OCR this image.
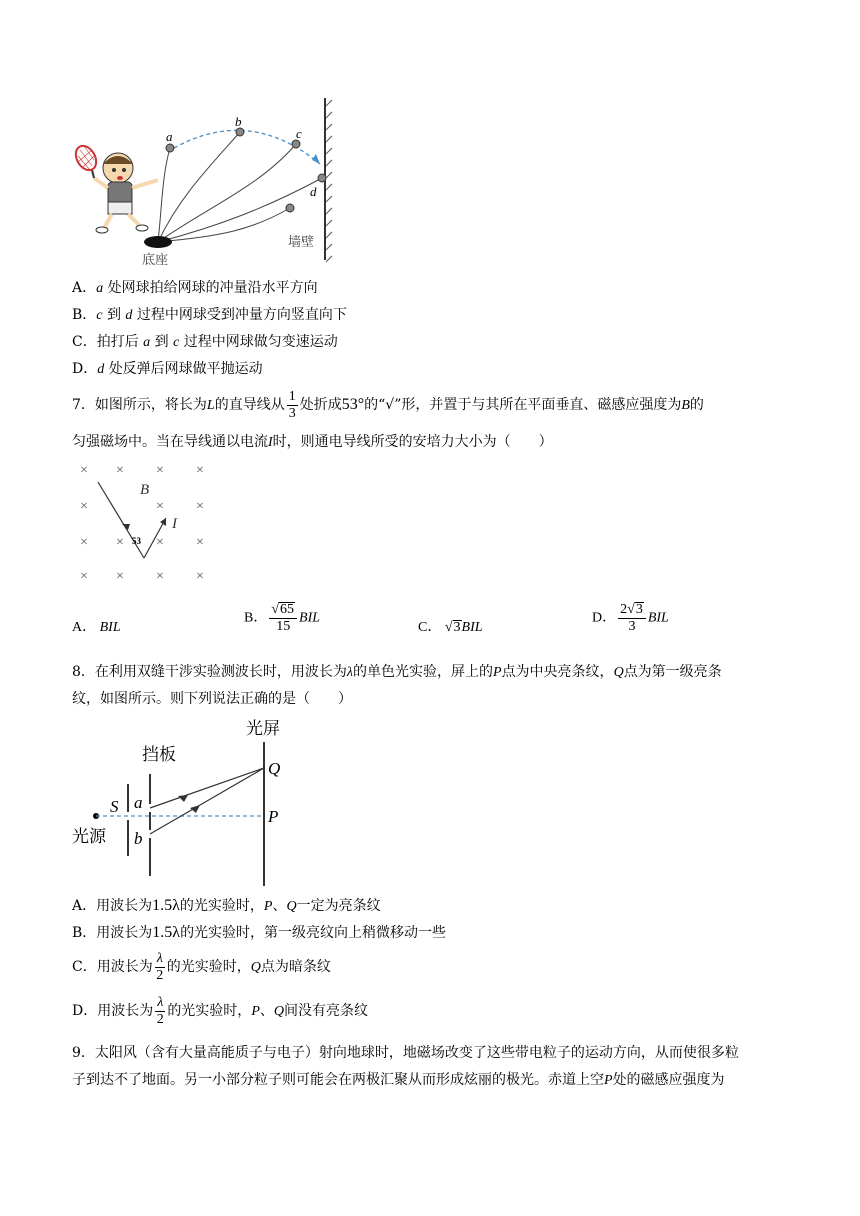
a
b
c
d
底座
墙壁
A．a 处网球拍给网球的冲量沿水平方向
B．c 到 d 过程中网球受到冲量方向竖直向下
C．拍打后 a 到 c 过程中网球做匀变速运动
D．d 处反弹后网球做平抛运动
7．如图所示，将长为L的直导线从 $\frac{1}{3}$ 处折成53°的“√”形，并置于与其所在平面垂直、磁感应强度为B的
匀强磁场中。当在导线通以电流I时，则通电导线所受的安培力大小为（　　）
× × × ×
×	× ×
× × × ×
× × × ×
B
I
53
A． BIL
B． $\frac{√65}{15}$ BIL
C． √3BIL
D． $\frac{2√3}{3}$ BIL
8．在利用双缝干涉实验测波长时，用波长为λ的单色光实验，屏上的P点为中央亮条纹，Q点为第一级亮条
纹，如图所示。则下列说法正确的是（　　）
光屏
挡板
光源
S a
b
Q
P
A．用波长为1.5λ的光实验时，P、Q一定为亮条纹
B．用波长为1.5λ的光实验时，第一级亮纹向上稍微移动一些
C．用波长为 $\frac{\lambda}{2}$ 的光实验时，Q点为暗条纹
D．用波长为 $\frac{\lambda}{2}$ 的光实验时，P、Q间没有亮条纹
9．太阳风（含有大量高能质子与电子）射向地球时，地磁场改变了这些带电粒子的运动方向，从而使很多粒
子到达不了地面。另一小部分粒子则可能会在两极汇聚从而形成炫丽的极光。赤道上空P处的磁感应强度为
